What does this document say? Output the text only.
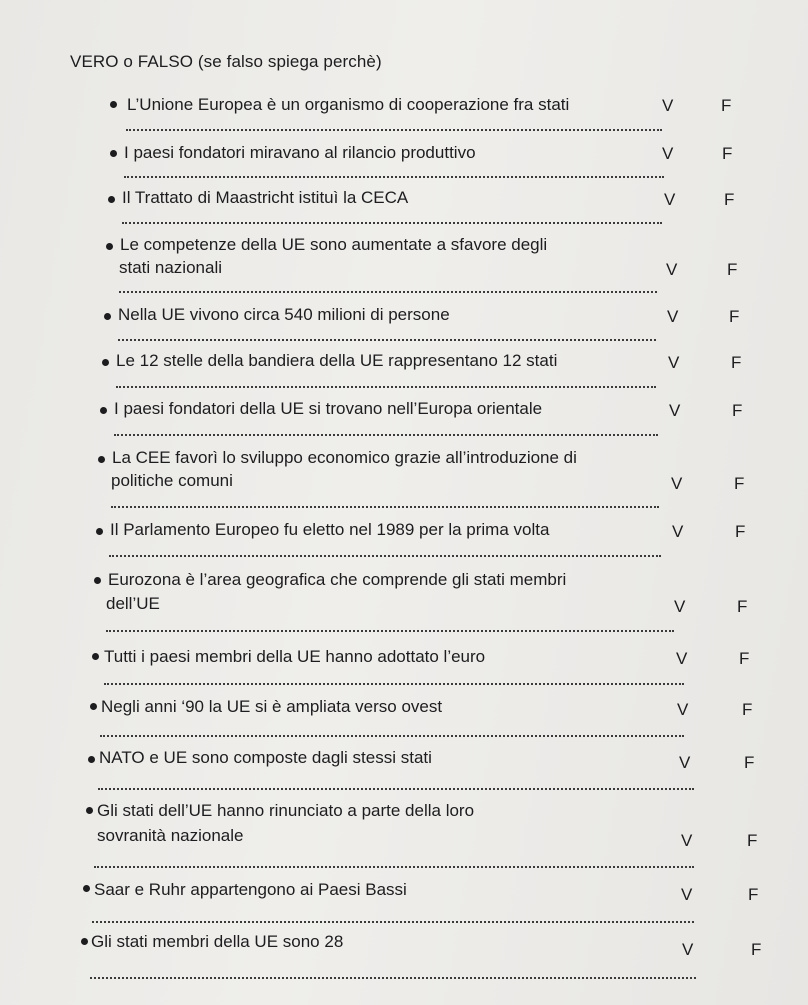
VERO o FALSO (se falso spiega perchè)
L’Unione Europea è un organismo di cooperazione fra stati	V	F
I paesi fondatori miravano al rilancio produttivo	V	F
Il Trattato di Maastricht istituì la CECA	V	F
Le competenze della UE sono aumentate a sfavore degli
stati nazionali	V	F
Nella UE vivono circa 540 milioni di persone	V	F
Le 12 stelle della bandiera della UE rappresentano 12 stati	V	F
I paesi fondatori della UE si trovano nell’Europa orientale	V	F
La CEE favorì lo sviluppo economico grazie all’introduzione di
politiche comuni	V	F
Il Parlamento Europeo fu eletto nel 1989 per la prima volta	V	F
Eurozona è l’area geografica che comprende gli stati membri
dell’UE	V	F
Tutti i paesi membri della UE hanno adottato l’euro	V	F
Negli anni ‘90 la UE si è ampliata verso ovest	V	F
NATO e UE sono composte dagli stessi stati	V	F
Gli stati dell’UE hanno rinunciato a parte della loro
sovranità nazionale	V	F
Saar e Ruhr appartengono ai Paesi Bassi	V	F
Gli stati membri della UE sono 28	V	F
